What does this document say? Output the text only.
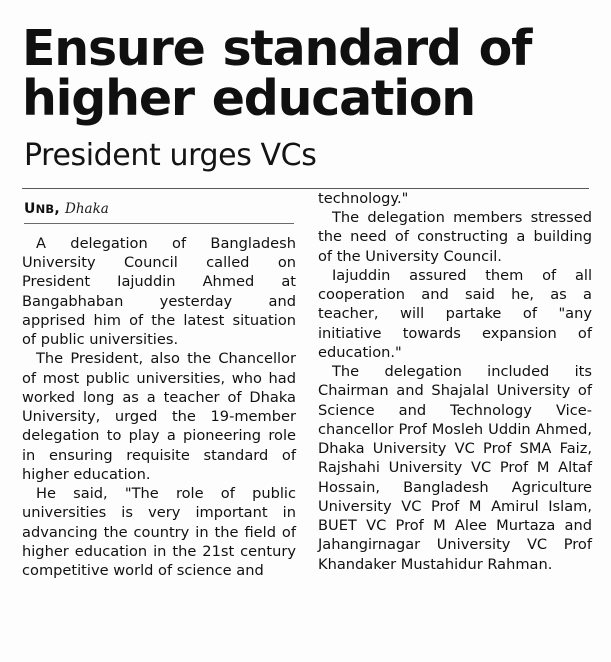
Ensure standard of higher education
President urges VCs
UNB, Dhaka

A delegation of Bangladesh University Council called on President Iajuddin Ahmed at Bangabhaban yesterday and apprised him of the latest situation of public universities.

The President, also the Chancellor of most public universities, who had worked long as a teacher of Dhaka University, urged the 19-member delegation to play a pioneering role in ensuring requisite standard of higher education.

He said, "The role of public universities is very important in advancing the country in the field of higher education in the 21st century competitive world of science and

technology."

The delegation members stressed the need of constructing a building of the University Council.

Iajuddin assured them of all cooperation and said he, as a teacher, will partake of "any initiative towards expansion of education."

The delegation included its Chairman and Shajalal University of Science and Technology Vice-chancellor Prof Mosleh Uddin Ahmed, Dhaka University VC Prof SMA Faiz, Rajshahi University VC Prof M Altaf Hossain, Bangladesh Agriculture University VC Prof M Amirul Islam, BUET VC Prof M Alee Murtaza and Jahangirnagar University VC Prof Khandaker Mustahidur Rahman.
